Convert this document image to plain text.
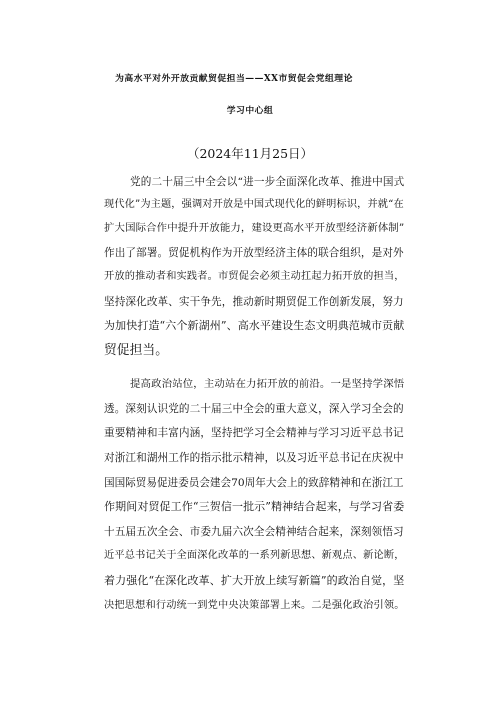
为高水平对外开放贡献贸促担当——XX市贸促会党组理论
学习中心组
（2024年11月25日）
党的二十届三中全会以“进一步全面深化改革、推进中国式
现代化”为主题，强调对开放是中国式现代化的鲜明标识，并就“在
扩大国际合作中提升开放能力，建设更高水平开放型经济新体制”
作出了部署。贸促机构作为开放型经济主体的联合组织，是对外
开放的推动者和实践者。市贸促会必须主动扛起力拓开放的担当，
坚持深化改革、实干争先，推动新时期贸促工作创新发展，努力
为加快打造“六个新湖州”、高水平建设生态文明典范城市贡献
贸促担当。
提高政治站位，主动站在力拓开放的前沿。一是坚持学深悟
透。深刻认识党的二十届三中全会的重大意义，深入学习全会的
重要精神和丰富内涵，坚持把学习全会精神与学习习近平总书记
对浙江和湖州工作的指示批示精神，以及习近平总书记在庆祝中
国国际贸易促进委员会建会70周年大会上的致辞精神和在浙江工
作期间对贸促工作“三贺信一批示”精神结合起来，与学习省委
十五届五次全会、市委九届六次全会精神结合起来，深刻领悟习
近平总书记关于全面深化改革的一系列新思想、新观点、新论断，
着力强化“在深化改革、扩大开放上续写新篇”的政治自觉，坚
决把思想和行动统一到党中央决策部署上来。二是强化政治引领。
